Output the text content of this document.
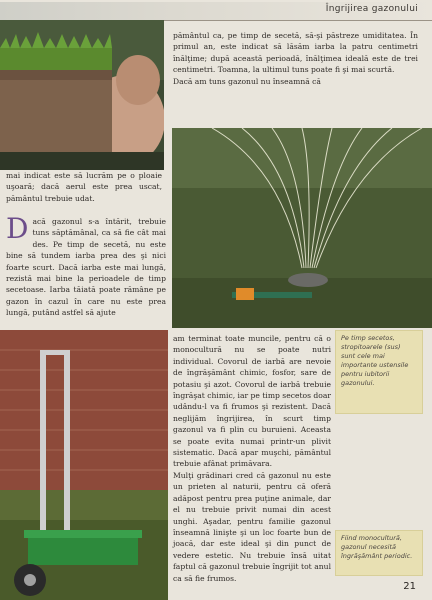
Îngrijirea gazonului

pământul ca, pe timp de secetă, să-şi păstreze umiditatea. În primul an, este indicat să lăsăm iarba la patru centimetri înălţime; după această perioadă, înălţimea ideală este de trei centimetri. Toamna, la ultimul tuns poate fi şi mai scurtă.

Dacă am tuns gazonul nu înseamnă că

mai indicat este să lucrăm pe o ploaie uşoară; dacă aerul este prea uscat, pământul trebuie udat.

Dacă gazonul s-a întărit, trebuie tuns săptămânal, ca să fie cât mai des. Pe timp de secetă, nu este bine să tundem iarba prea des şi nici foarte scurt. Dacă iarba este mai lungă, rezistă mai bine la perioadele de timp secetoase. Iarba tăiată poate rămâne pe gazon în cazul în care nu este prea lungă, putând astfel să ajute

am terminat toate muncile, pentru că o monocultură nu se poate nutri individual. Covorul de iarbă are nevoie de îngrăşământ chimic, fosfor, sare de potasiu şi azot. Covorul de iarbă trebuie îngrăşat chimic, iar pe timp secetos doar udându-l va fi frumos şi rezistent. Dacă neglijăm îngrijirea, în scurt timp gazonul va fi plin cu buruieni. Aceasta se poate evita numai printr-un plivit sistematic. Dacă apar muşchi, pământul trebuie afânat primăvara.

Mulţi grădinari cred că gazonul nu este un prieten al naturii, pentru că oferă adăpost pentru prea puţine animale, dar el nu trebuie privit numai din acest unghi. Aşadar, pentru familie gazonul înseamnă linişte şi un loc foarte bun de joacă, dar este ideal şi din punct de vedere estetic. Nu trebuie însă uitat faptul că gazonul trebuie îngrijit tot anul ca să fie frumos.

Pe timp secetos, stropitoarele (sus) sunt cele mai importante ustensile pentru iubitorii gazonului.
Fiind monocultură, gazonul necesită îngrăşământ periodic.
21
